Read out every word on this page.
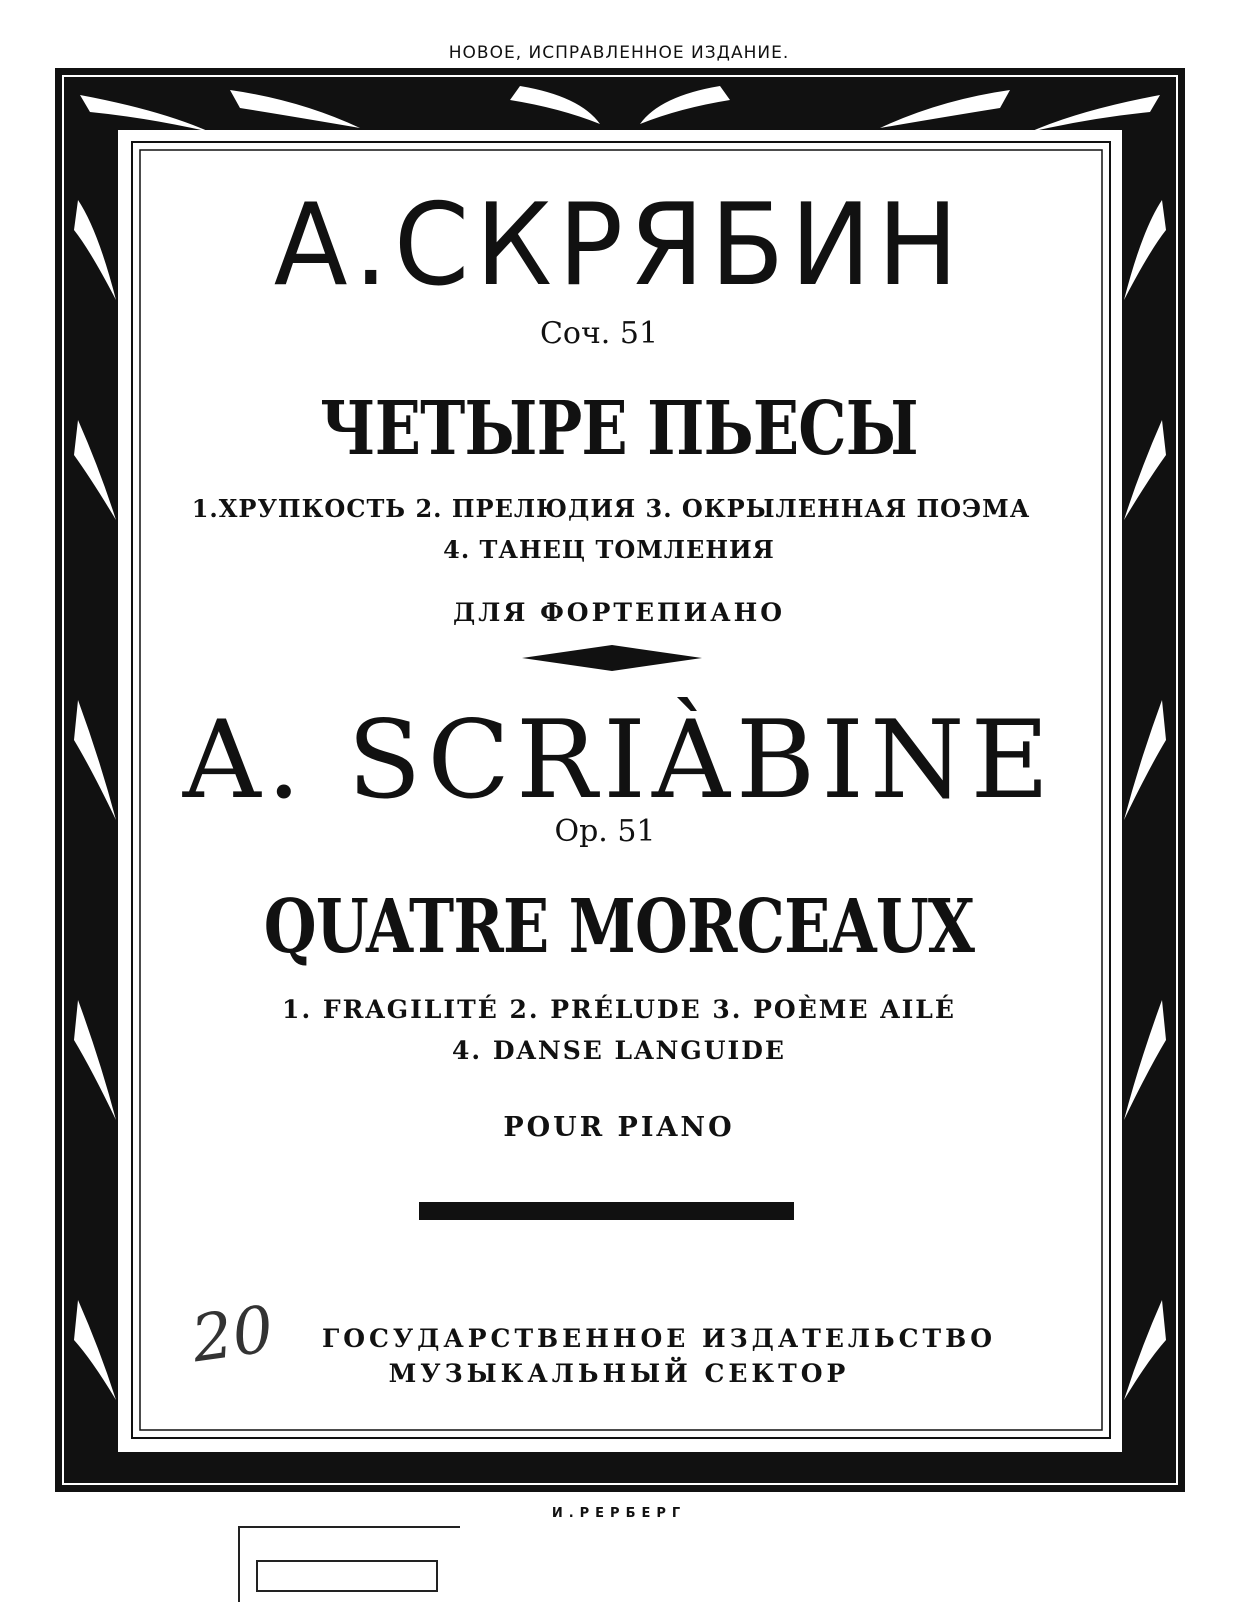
НОВОЕ, ИСПРАВЛЕННОЕ ИЗДАНИЕ.
А.СКРЯБИН
Соч. 51
ЧЕТЫРЕ ПЬЕСЫ
1.ХРУПКОСТЬ 2. ПРЕЛЮДИЯ 3. ОКРЫЛЕННАЯ ПОЭМА
4. ТАНЕЦ ТОМЛЕНИЯ
ДЛЯ ФОРТЕПИАНО
A. SCRIÀBINE
Op. 51
QUATRE MORCEAUX
1. FRAGILITÉ 2. PRÉLUDE 3. POÈME AILÉ
4. DANSE LANGUIDE
POUR PIANO
20	ГОСУДАРСТВЕННОЕ ИЗДАТЕЛЬСТВО
МУЗЫКАЛЬНЫЙ СЕКТОР
И.РЕРБЕРГ
